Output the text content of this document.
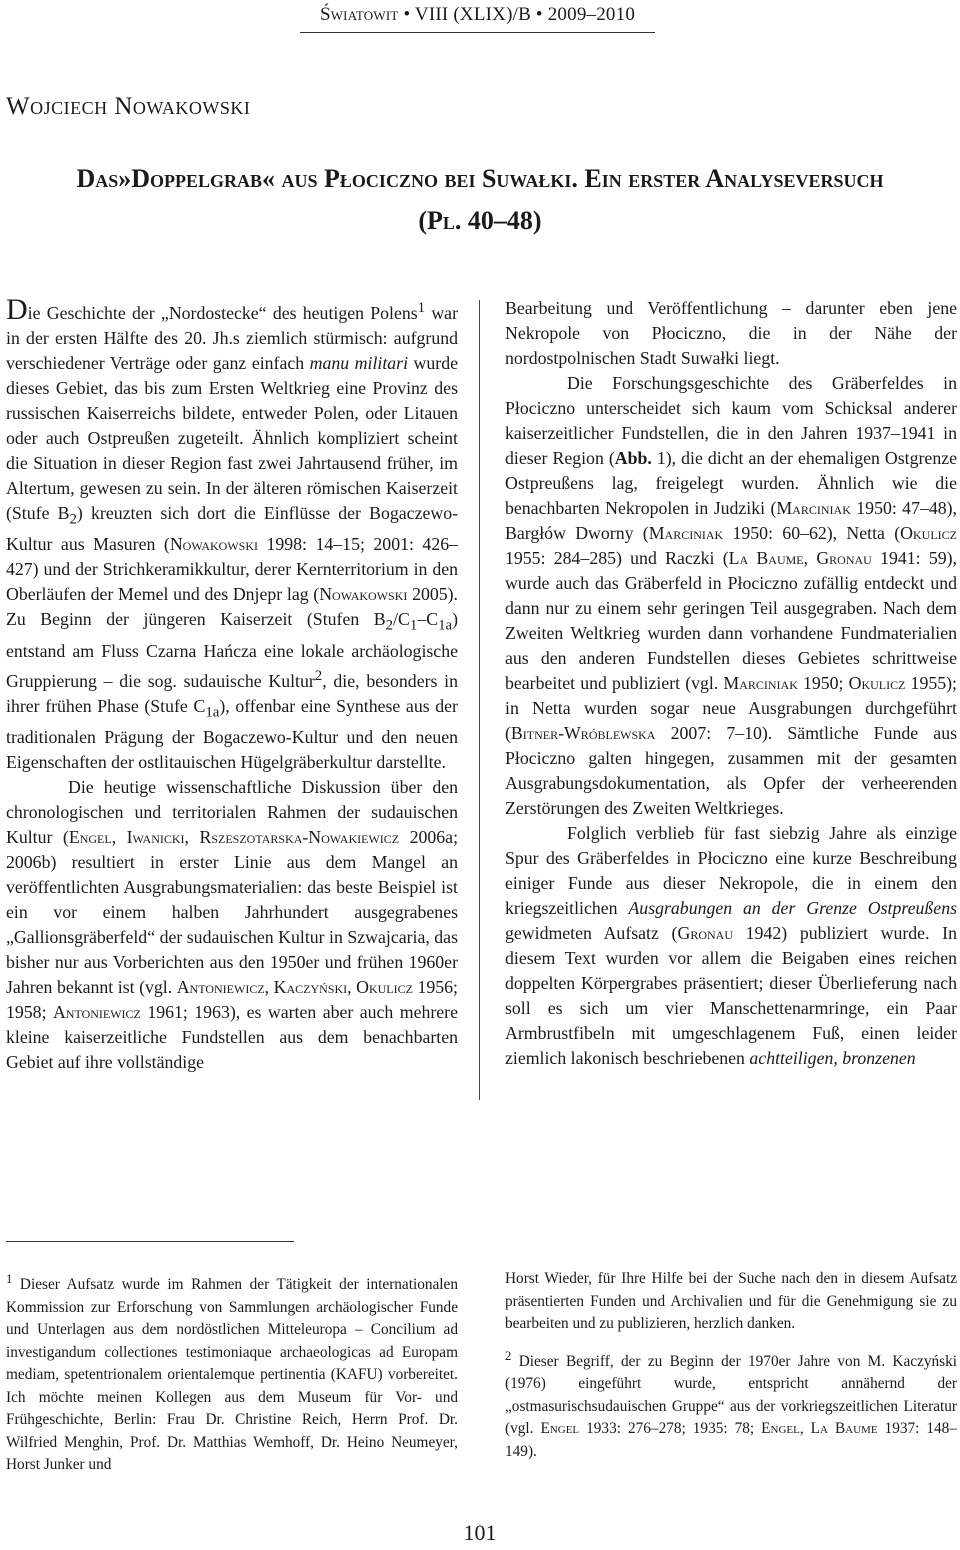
Światowit • VIII (XLIX)/B • 2009–2010
Wojciech Nowakowski
Das»Doppelgrab« aus Płociczno bei Suwałki. Ein erster Analyseversuch
(Pl. 40–48)

Die Geschichte der „Nordostecke“ des heutigen Polens$^1$ war in der ersten Hälfte des 20. Jh.s ziemlich stürmisch: aufgrund verschiedener Verträge oder ganz einfach manu militari wurde dieses Gebiet, das bis zum Ersten Weltkrieg eine Provinz des russischen Kaiserreichs bildete, entweder Polen, oder Litauen oder auch Ostpreußen zugeteilt. Ähnlich kompliziert scheint die Situation in dieser Region fast zwei Jahrtausend früher, im Altertum, gewesen zu sein. In der älteren römischen Kaiserzeit (Stufe $B_2$) kreuzten sich dort die Einflüsse der Bogaczewo-Kultur aus Masuren (Nowakowski 1998: 14–15; 2001: 426–427) und der Strichkeramikkultur, derer Kernterritorium in den Oberläufen der Memel und des Dnjepr lag (Nowakowski 2005). Zu Beginn der jüngeren Kaiserzeit (Stufen $B_2/C_1-C_{1a}$) entstand am Fluss Czarna Hańcza eine lokale archäologische Gruppierung – die sog. sudauische Kultur$^2$, die, besonders in ihrer frühen Phase (Stufe $C_{1a}$), offenbar eine Synthese aus der traditionalen Prägung der Bogaczewo-Kultur und den neuen Eigenschaften der ostlitauischen Hügelgräberkultur darstellte.

Die heutige wissenschaftliche Diskussion über den chronologischen und territorialen Rahmen der sudauischen Kultur (Engel, Iwanicki, Rszeszotarska-Nowakiewicz 2006a; 2006b) resultiert in erster Linie aus dem Mangel an veröffentlichten Ausgrabungsmaterialien: das beste Beispiel ist ein vor einem halben Jahrhundert ausgegrabenes „Gallionsgräberfeld“ der sudauischen Kultur in Szwajcaria, das bisher nur aus Vorberichten aus den 1950er und frühen 1960er Jahren bekannt ist (vgl. Antoniewicz, Kaczyński, Okulicz 1956; 1958; Antoniewicz 1961; 1963), es warten aber auch mehrere kleine kaiserzeitliche Fundstellen aus dem benachbarten Gebiet auf ihre vollständige

Bearbeitung und Veröffentlichung – darunter eben jene Nekropole von Płociczno, die in der Nähe der nordostpolnischen Stadt Suwałki liegt.

Die Forschungsgeschichte des Gräberfeldes in Płociczno unterscheidet sich kaum vom Schicksal anderer kaiserzeitlicher Fundstellen, die in den Jahren 1937–1941 in dieser Region (Abb. 1), die dicht an der ehemaligen Ostgrenze Ostpreußens lag, freigelegt wurden. Ähnlich wie die benachbarten Nekropolen in Judziki (Marciniak 1950: 47–48), Bargłów Dworny (Marciniak 1950: 60–62), Netta (Okulicz 1955: 284–285) und Raczki (La Baume, Gronau 1941: 59), wurde auch das Gräberfeld in Płociczno zufällig entdeckt und dann nur zu einem sehr geringen Teil ausgegraben. Nach dem Zweiten Weltkrieg wurden dann vorhandene Fundmaterialien aus den anderen Fundstellen dieses Gebietes schrittweise bearbeitet und publiziert (vgl. Marciniak 1950; Okulicz 1955); in Netta wurden sogar neue Ausgrabungen durchgeführt (Bitner-Wróblewska 2007: 7–10). Sämtliche Funde aus Płociczno galten hingegen, zusammen mit der gesamten Ausgrabungsdokumentation, als Opfer der verheerenden Zerstörungen des Zweiten Weltkrieges.

Folglich verblieb für fast siebzig Jahre als einzige Spur des Gräberfeldes in Płociczno eine kurze Beschreibung einiger Funde aus dieser Nekropole, die in einem den kriegszeitlichen Ausgrabungen an der Grenze Ostpreußens gewidmeten Aufsatz (Gronau 1942) publiziert wurde. In diesem Text wurden vor allem die Beigaben eines reichen doppelten Körpergrabes präsentiert; dieser Überlieferung nach soll es sich um vier Manschettenarmringe, ein Paar Armbrustfibeln mit umgeschlagenem Fuß, einen leider ziemlich lakonisch beschriebenen achtteiligen, bronzenen

$^1$ Dieser Aufsatz wurde im Rahmen der Tätigkeit der internationalen Kommission zur Erforschung von Sammlungen archäologischer Funde und Unterlagen aus dem nordöstlichen Mitteleuropa – Concilium ad investigandum collectiones testimoniaque archaeologicas ad Europam mediam, spetentrionalem orientalemque pertinentia (KAFU) vorbereitet. Ich möchte meinen Kollegen aus dem Museum für Vor- und Frühgeschichte, Berlin: Frau Dr. Christine Reich, Herrn Prof. Dr. Wilfried Menghin, Prof. Dr. Matthias Wemhoff, Dr. Heino Neumeyer, Horst Junker und

Horst Wieder, für Ihre Hilfe bei der Suche nach den in diesem Aufsatz präsentierten Funden und Archivalien und für die Genehmigung sie zu bearbeiten und zu publizieren, herzlich danken.

$^2$ Dieser Begriff, der zu Beginn der 1970er Jahre von M. Kaczyński (1976) eingeführt wurde, entspricht annähernd der „ostmasurischsudauischen Gruppe“ aus der vorkriegszeitlichen Literatur (vgl. Engel 1933: 276–278; 1935: 78; Engel, La Baume 1937: 148–149).

101
